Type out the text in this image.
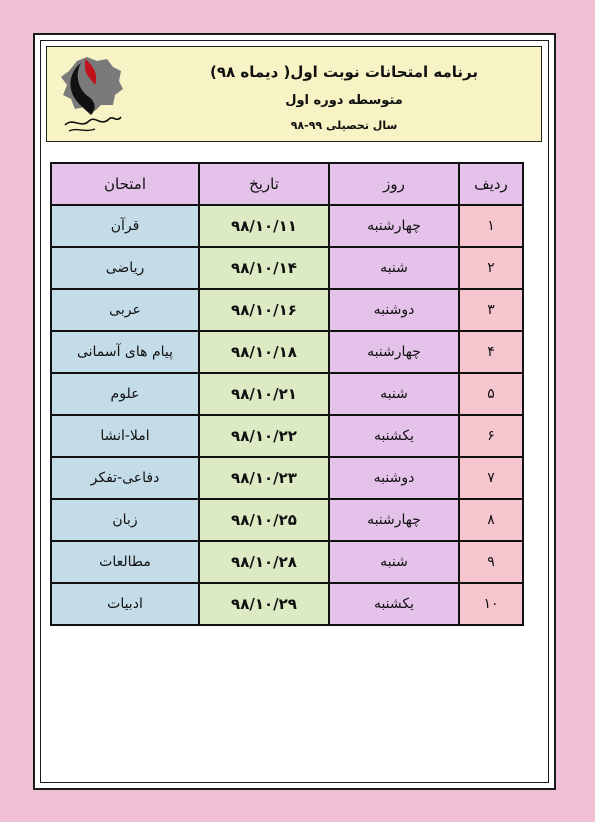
برنامه امتحانات نوبت اول( دیماه ۹۸)
متوسطه دوره اول
سال تحصیلی ۹۹-۹۸
ردیف	روز	تاریخ	امتحان
۱	چهارشنبه	۹۸/۱۰/۱۱	قرآن
۲	شنبه	۹۸/۱۰/۱۴	ریاضی
۳	دوشنبه	۹۸/۱۰/۱۶	عربی
۴	چهارشنبه	۹۸/۱۰/۱۸	پیام های آسمانی
۵	شنبه	۹۸/۱۰/۲۱	علوم
۶	یکشنبه	۹۸/۱۰/۲۲	املا-انشا
۷	دوشنبه	۹۸/۱۰/۲۳	دفاعی-تفکر
۸	چهارشنبه	۹۸/۱۰/۲۵	زبان
۹	شنبه	۹۸/۱۰/۲۸	مطالعات
۱۰	یکشنبه	۹۸/۱۰/۲۹	ادبیات
